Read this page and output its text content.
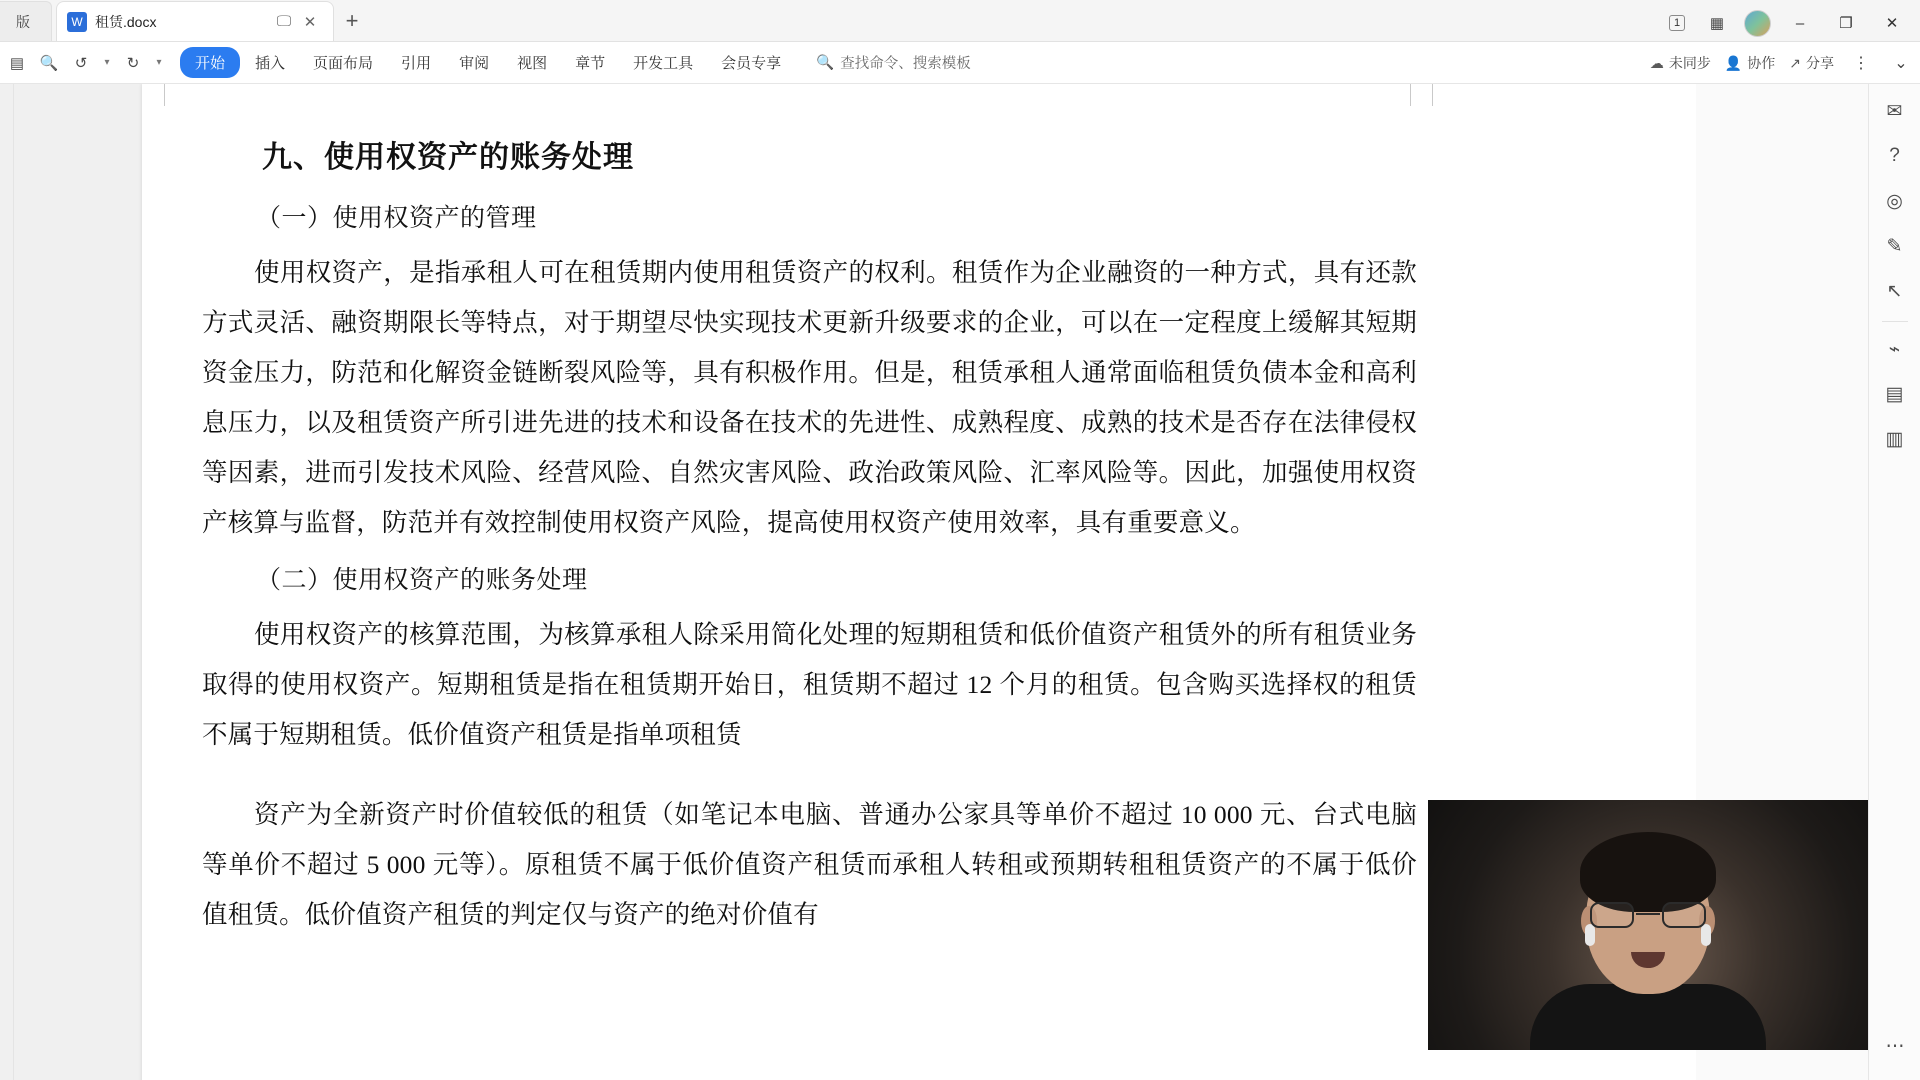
版	W 租赁.docx	🖵 ✕	+	1	▦	–	❐	✕
▤	🔍	↺	▾	↻	▾	开始	插入	页面布局	引用	审阅	视图	章节	开发工具	会员专享	🔍 查找命令、搜索模板	☁ 未同步 👤 协作 ↗ 分享	⋮	⌄
九、使用权资产的账务处理
（一）使用权资产的管理
使用权资产，是指承租人可在租赁期内使用租赁资产的权利。租赁作为企业融资的一种方式，具有还款方式灵活、融资期限长等特点，对于期望尽快实现技术更新升级要求的企业，可以在一定程度上缓解其短期资金压力，防范和化解资金链断裂风险等，具有积极作用。但是，租赁承租人通常面临租赁负债本金和高利息压力，以及租赁资产所引进先进的技术和设备在技术的先进性、成熟程度、成熟的技术是否存在法律侵权等因素，进而引发技术风险、经营风险、自然灾害风险、政治政策风险、汇率风险等。因此，加强使用权资产核算与监督，防范并有效控制使用权资产风险，提高使用权资产使用效率，具有重要意义。
（二）使用权资产的账务处理
使用权资产的核算范围，为核算承租人除采用简化处理的短期租赁和低价值资产租赁外的所有租赁业务取得的使用权资产。短期租赁是指在租赁期开始日，租赁期不超过 12 个月的租赁。包含购买选择权的租赁不属于短期租赁。低价值资产租赁是指单项租赁
资产为全新资产时价值较低的租赁（如笔记本电脑、普通办公家具等单价不超过 10 000 元、台式电脑等单价不超过 5 000 元等）。原租赁不属于低价值资产租赁而承租人转租或预期转租租赁资产的不属于低价值租赁。低价值资产租赁的判定仅与资产的绝对价值有
✉
?
◎
✎
↖
⌁
▤
▥
⋯
